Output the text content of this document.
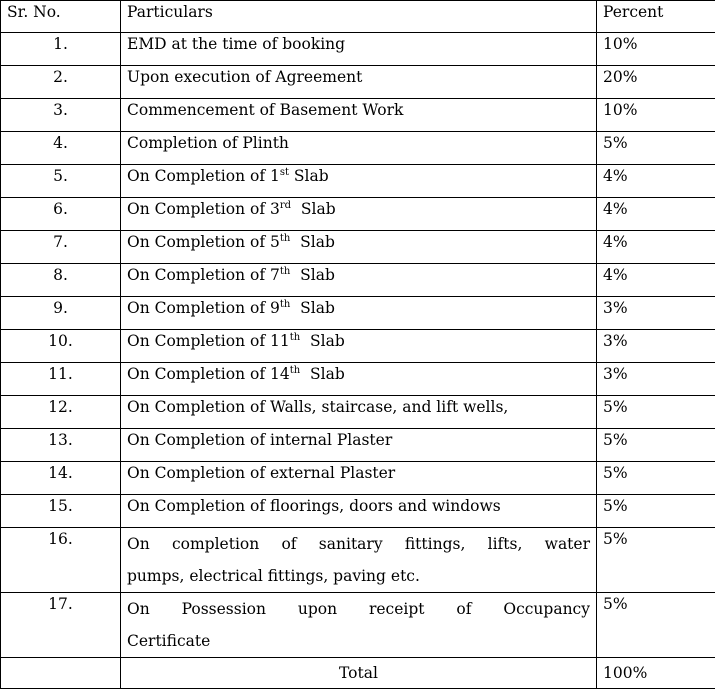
Sr. No.	Particulars	Percent
1.	EMD at the time of booking	10%
2.	Upon execution of Agreement	20%
3.	Commencement of Basement Work	10%
4.	Completion of Plinth	5%
5.	On Completion of 1st Slab	4%
6.	On Completion of 3rd  Slab	4%
7.	On Completion of 5th  Slab	4%
8.	On Completion of 7th  Slab	4%
9.	On Completion of 9th  Slab	3%
10.	On Completion of 11th  Slab	3%
11.	On Completion of 14th  Slab	3%
12.	On Completion of Walls, staircase, and lift wells,	5%
13.	On Completion of internal Plaster	5%
14.	On Completion of external Plaster	5%
15.	On Completion of floorings, doors and windows	5%
16.	On completion of sanitary fittings, lifts, water
pumps, electrical fittings, paving etc.	5%
17.	On Possession upon receipt of Occupancy
Certificate	5%
	Total	100%
